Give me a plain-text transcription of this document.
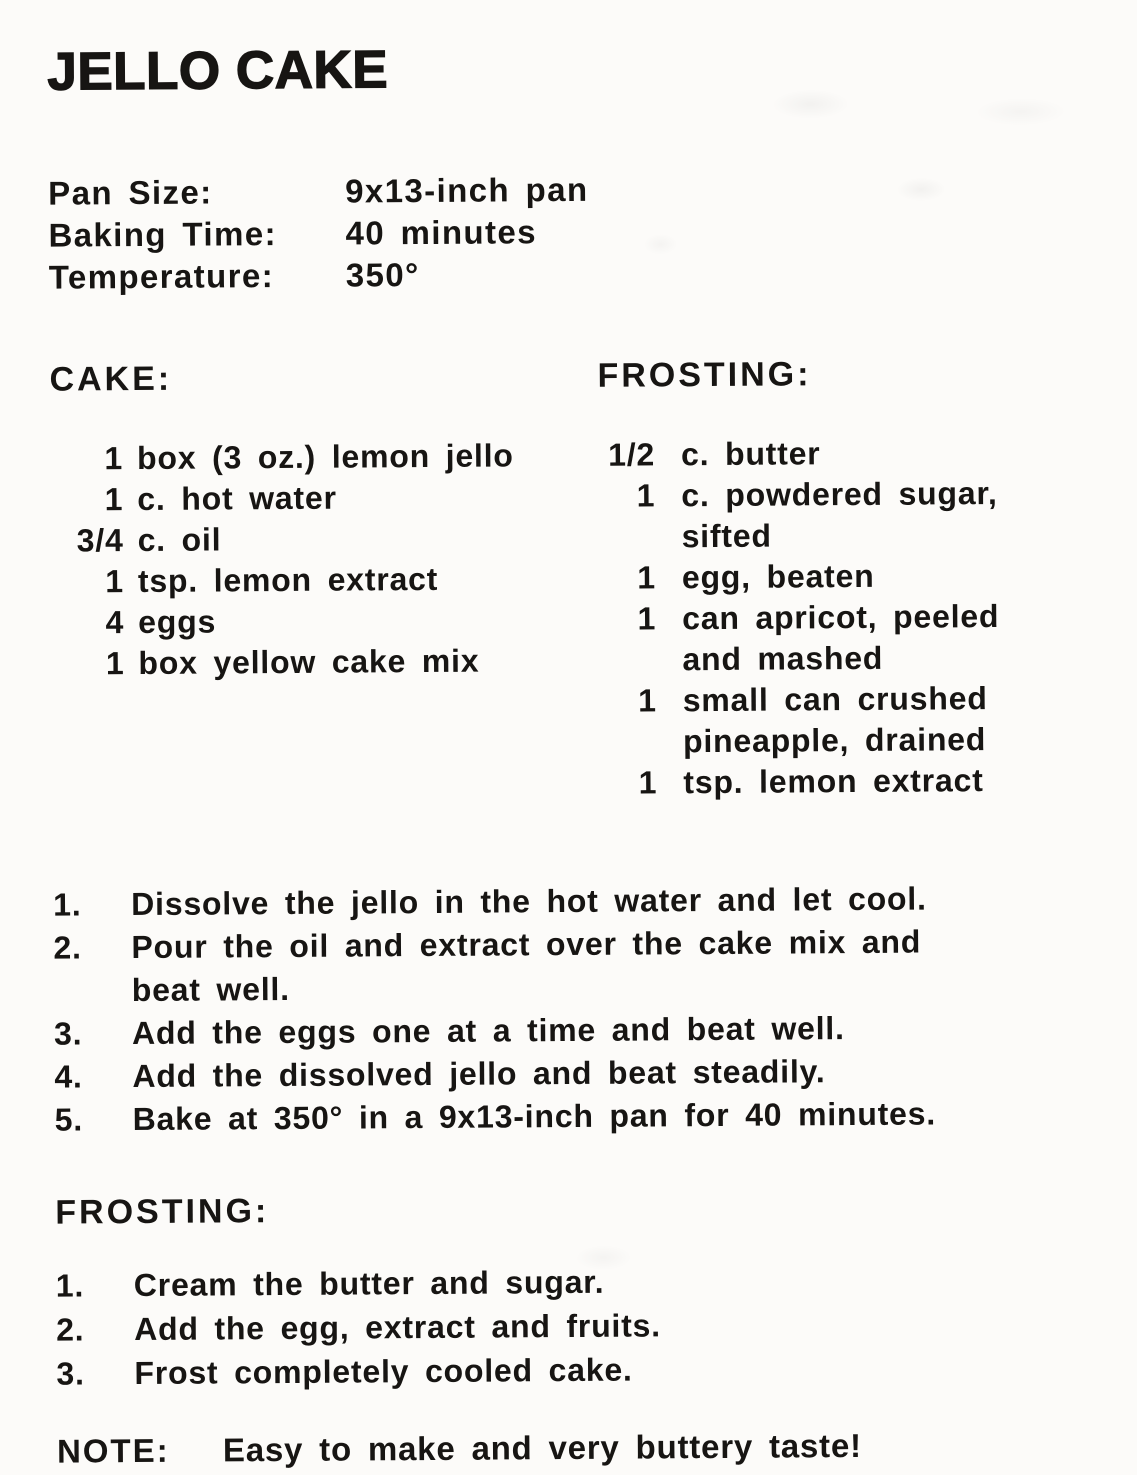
JELLO CAKE
Pan Size:	9x13-inch pan
Baking Time:	40 minutes
Temperature:	350°
CAKE:
1 box (3 oz.) lemon jello
1 c. hot water
3/4 c. oil
1 tsp. lemon extract
4 eggs
1 box yellow cake mix
FROSTING:
1/2 c. butter
1 c. powdered sugar,
sifted
1 egg, beaten
1 can apricot, peeled
and mashed
1 small can crushed
pineapple, drained
1 tsp. lemon extract
1.	Dissolve the jello in the hot water and let cool.
2.	Pour the oil and extract over the cake mix and
beat well.
3.	Add the eggs one at a time and beat well.
4.	Add the dissolved jello and beat steadily.
5.	Bake at 350° in a 9x13-inch pan for 40 minutes.
FROSTING:
1.	Cream the butter and sugar.
2.	Add the egg, extract and fruits.
3.	Frost completely cooled cake.
NOTE:	Easy to make and very buttery taste!
